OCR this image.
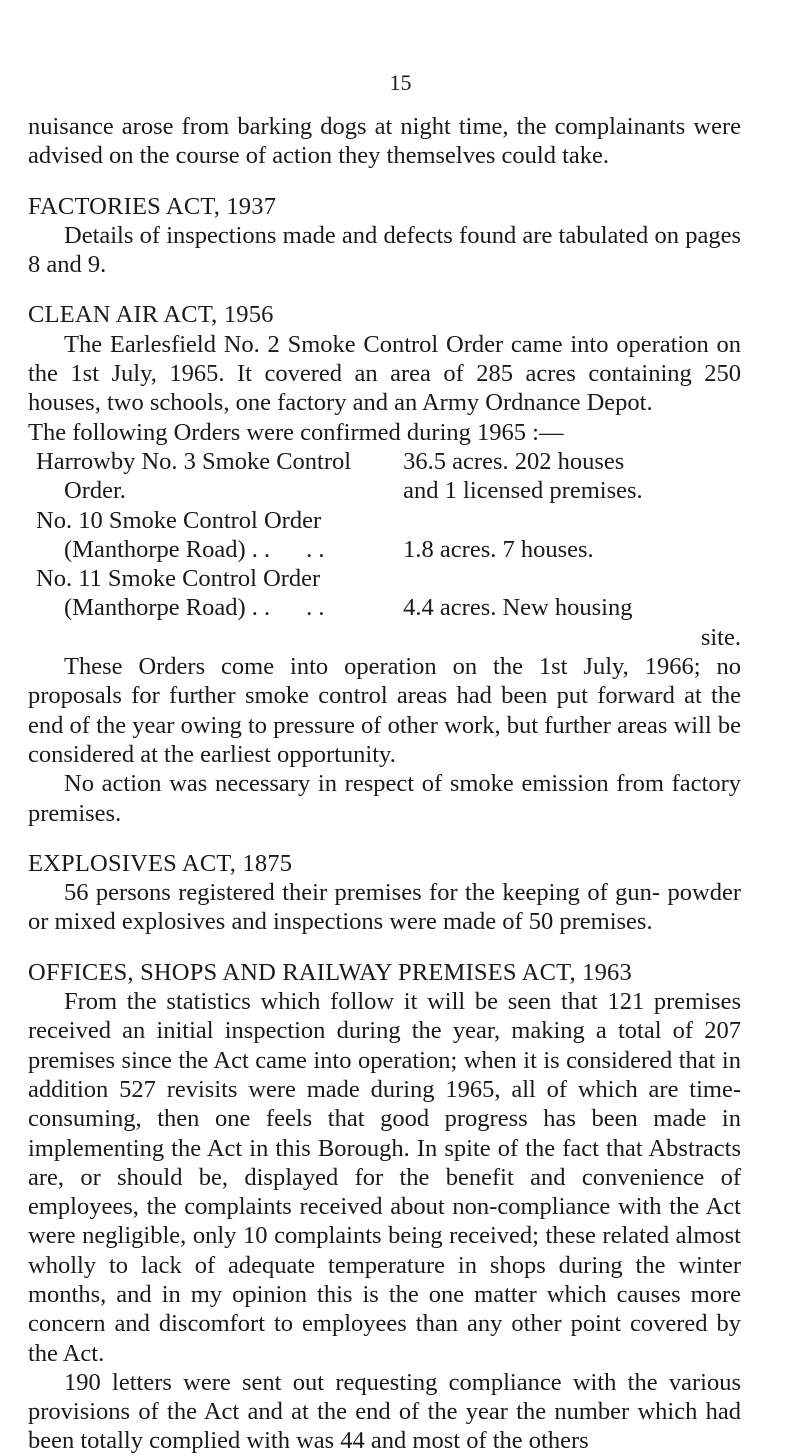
15

nuisance arose from barking dogs at night time, the complainants were advised on the course of action they themselves could take.

FACTORIES ACT, 1937

Details of inspections made and defects found are tabulated on pages 8 and 9.

CLEAN AIR ACT, 1956

The Earlesfield No. 2 Smoke Control Order came into operation on the 1st July, 1965. It covered an area of 285 acres containing 250 houses, two schools, one factory and an Army Ordnance Depot.

The following Orders were confirmed during 1965 :—

Harrowby No. 3 Smoke Control
Order.
36.5 acres. 202 houses
and 1 licensed premises.
No. 10 Smoke Control Order
(Manthorpe Road) . . . .	1.8 acres. 7 houses.
No. 11 Smoke Control Order
(Manthorpe Road) . . . .	4.4 acres. New housing
site.

These Orders come into operation on the 1st July, 1966; no proposals for further smoke control areas had been put forward at the end of the year owing to pressure of other work, but further areas will be considered at the earliest opportunity.

No action was necessary in respect of smoke emission from factory premises.

EXPLOSIVES ACT, 1875

56 persons registered their premises for the keeping of gun- powder or mixed explosives and inspections were made of 50 premises.

OFFICES, SHOPS AND RAILWAY PREMISES ACT, 1963

From the statistics which follow it will be seen that 121 premises received an initial inspection during the year, making a total of 207 premises since the Act came into operation; when it is considered that in addition 527 revisits were made during 1965, all of which are time-consuming, then one feels that good progress has been made in implementing the Act in this Borough. In spite of the fact that Abstracts are, or should be, displayed for the benefit and convenience of employees, the complaints received about non-compliance with the Act were negligible, only 10 complaints being received; these related almost wholly to lack of adequate temperature in shops during the winter months, and in my opinion this is the one matter which causes more concern and discomfort to employees than any other point covered by the Act.

190 letters were sent out requesting compliance with the various provisions of the Act and at the end of the year the number which had been totally complied with was 44 and most of the others
